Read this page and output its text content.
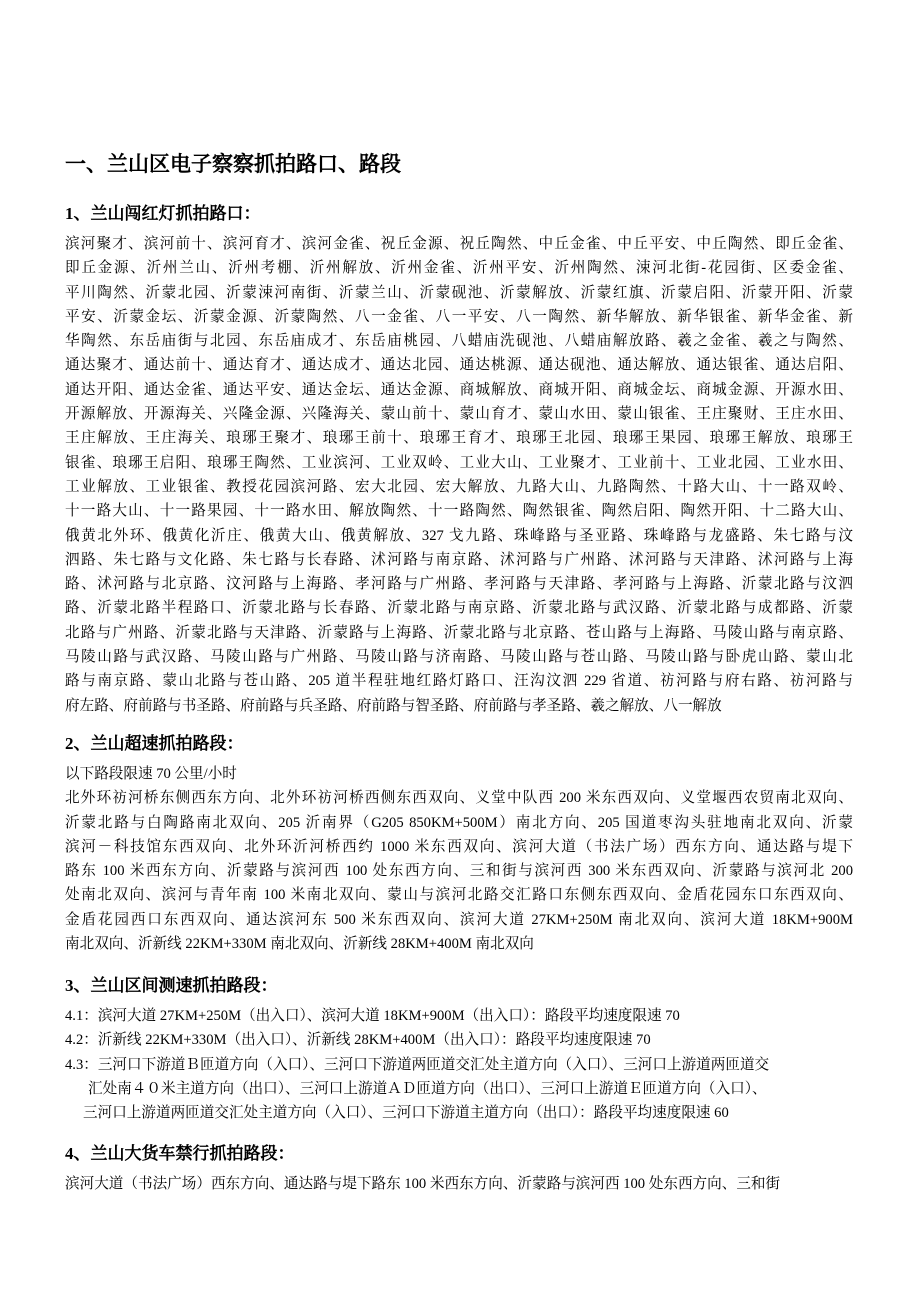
一、兰山区电子察察抓拍路口、路段
1、兰山闯红灯抓拍路口：
滨河聚才、滨河前十、滨河育才、滨河金雀、祝丘金源、祝丘陶然、中丘金雀、中丘平安、中丘陶然、即丘金雀、
即丘金源、沂州兰山、沂州考棚、沂州解放、沂州金雀、沂州平安、沂州陶然、涑河北街-花园街、区委金雀、
平川陶然、沂蒙北园、沂蒙涑河南街、沂蒙兰山、沂蒙砚池、沂蒙解放、沂蒙红旗、沂蒙启阳、沂蒙开阳、沂蒙
平安、沂蒙金坛、沂蒙金源、沂蒙陶然、八一金雀、八一平安、八一陶然、新华解放、新华银雀、新华金雀、新
华陶然、东岳庙街与北园、东岳庙成才、东岳庙桃园、八蜡庙洗砚池、八蜡庙解放路、羲之金雀、羲之与陶然、
通达聚才、通达前十、通达育才、通达成才、通达北园、通达桃源、通达砚池、通达解放、通达银雀、通达启阳、
通达开阳、通达金雀、通达平安、通达金坛、通达金源、商城解放、商城开阳、商城金坛、商城金源、开源水田、
开源解放、开源海关、兴隆金源、兴隆海关、蒙山前十、蒙山育才、蒙山水田、蒙山银雀、王庄聚财、王庄水田、
王庄解放、王庄海关、琅琊王聚才、琅琊王前十、琅琊王育才、琅琊王北园、琅琊王果园、琅琊王解放、琅琊王
银雀、琅琊王启阳、琅琊王陶然、工业滨河、工业双岭、工业大山、工业聚才、工业前十、工业北园、工业水田、
工业解放、工业银雀、教授花园滨河路、宏大北园、宏大解放、九路大山、九路陶然、十路大山、十一路双岭、
十一路大山、十一路果园、十一路水田、解放陶然、十一路陶然、陶然银雀、陶然启阳、陶然开阳、十二路大山、
俄黄北外环、俄黄化沂庄、俄黄大山、俄黄解放、327 戈九路、珠峰路与圣亚路、珠峰路与龙盛路、朱七路与汶
泗路、朱七路与文化路、朱七路与长春路、沭河路与南京路、沭河路与广州路、沭河路与天津路、沭河路与上海
路、沭河路与北京路、汶河路与上海路、孝河路与广州路、孝河路与天津路、孝河路与上海路、沂蒙北路与汶泗
路、沂蒙北路半程路口、沂蒙北路与长春路、沂蒙北路与南京路、沂蒙北路与武汉路、沂蒙北路与成都路、沂蒙
北路与广州路、沂蒙北路与天津路、沂蒙路与上海路、沂蒙北路与北京路、苍山路与上海路、马陵山路与南京路、
马陵山路与武汉路、马陵山路与广州路、马陵山路与济南路、马陵山路与苍山路、马陵山路与卧虎山路、蒙山北
路与南京路、蒙山北路与苍山路、205 道半程驻地红路灯路口、汪沟汶泗 229 省道、祊河路与府右路、祊河路与
府左路、府前路与书圣路、府前路与兵圣路、府前路与智圣路、府前路与孝圣路、羲之解放、八一解放
2、兰山超速抓拍路段：
以下路段限速 70 公里/小时
北外环祊河桥东侧西东方向、北外环祊河桥西侧东西双向、义堂中队西 200 米东西双向、义堂堰西农贸南北双向、
沂蒙北路与白陶路南北双向、205 沂南界（G205 850KM+500M）南北方向、205 国道枣沟头驻地南北双向、沂蒙
滨河－科技馆东西双向、北外环沂河桥西约 1000 米东西双向、滨河大道（书法广场）西东方向、通达路与堤下
路东 100 米西东方向、沂蒙路与滨河西 100 处东西方向、三和街与滨河西 300 米东西双向、沂蒙路与滨河北 200
处南北双向、滨河与青年南 100 米南北双向、蒙山与滨河北路交汇路口东侧东西双向、金盾花园东口东西双向、
金盾花园西口东西双向、通达滨河东 500 米东西双向、滨河大道 27KM+250M 南北双向、滨河大道 18KM+900M
南北双向、沂新线 22KM+330M 南北双向、沂新线 28KM+400M 南北双向
3、兰山区间测速抓拍路段：
4.1：滨河大道 27KM+250M（出入口）、滨河大道 18KM+900M（出入口）：路段平均速度限速 70
4.2：沂新线 22KM+330M（出入口）、沂新线 28KM+400M（出入口）：路段平均速度限速 70
4.3：三河口下游道Ｂ匝道方向（入口）、三河口下游道两匝道交汇处主道方向（入口）、三河口上游道两匝道交
汇处南４０米主道方向（出口）、三河口上游道ＡＤ匝道方向（出口）、三河口上游道Ｅ匝道方向（入口）、
三河口上游道两匝道交汇处主道方向（入口）、三河口下游道主道方向（出口）：路段平均速度限速 60
4、兰山大货车禁行抓拍路段：
滨河大道（书法广场）西东方向、通达路与堤下路东 100 米西东方向、沂蒙路与滨河西 100 处东西方向、三和街
